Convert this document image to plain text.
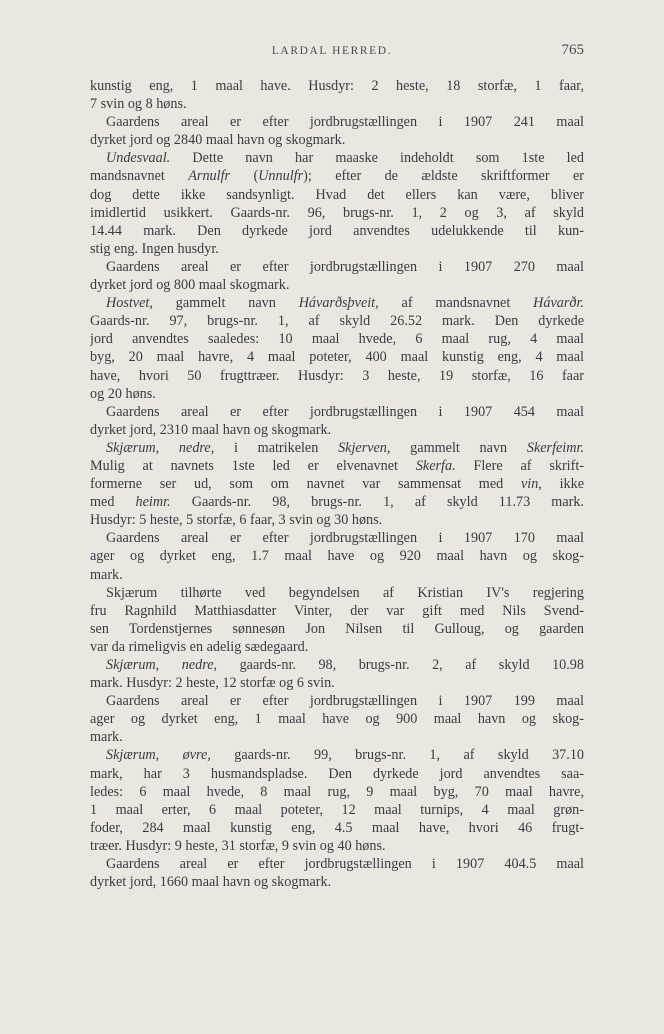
LARDAL HERRED.	765
kunstig eng, 1 maal have. Husdyr: 2 heste, 18 storfæ, 1 faar,
7 svin og 8 høns.
Gaardens areal er efter jordbrugstællingen i 1907 241 maal
dyrket jord og 2840 maal havn og skogmark.
Undesvaal. Dette navn har maaske indeholdt som 1ste led
mandsnavnet Arnulfr (Unnulfr); efter de ældste skriftformer er
dog dette ikke sandsynligt. Hvad det ellers kan være, bliver
imidlertid usikkert. Gaards-nr. 96, brugs-nr. 1, 2 og 3, af skyld
14.44 mark. Den dyrkede jord anvendtes udelukkende til kun-
stig eng. Ingen husdyr.
Gaardens areal er efter jordbrugstællingen i 1907 270 maal
dyrket jord og 800 maal skogmark.
Hostvet, gammelt navn Hávarðsþveit, af mandsnavnet Hávarðr.
Gaards-nr. 97, brugs-nr. 1, af skyld 26.52 mark. Den dyrkede
jord anvendtes saaledes: 10 maal hvede, 6 maal rug, 4 maal
byg, 20 maal havre, 4 maal poteter, 400 maal kunstig eng, 4 maal
have, hvori 50 frugttræer. Husdyr: 3 heste, 19 storfæ, 16 faar
og 20 høns.
Gaardens areal er efter jordbrugstællingen i 1907 454 maal
dyrket jord, 2310 maal havn og skogmark.
Skjærum, nedre, i matrikelen Skjerven, gammelt navn Skerfeimr.
Mulig at navnets 1ste led er elvenavnet Skerfa. Flere af skrift-
formerne ser ud, som om navnet var sammensat med vin, ikke
med heimr. Gaards-nr. 98, brugs-nr. 1, af skyld 11.73 mark.
Husdyr: 5 heste, 5 storfæ, 6 faar, 3 svin og 30 høns.
Gaardens areal er efter jordbrugstællingen i 1907 170 maal
ager og dyrket eng, 1.7 maal have og 920 maal havn og skog-
mark.
Skjærum tilhørte ved begyndelsen af Kristian IV's regjering
fru Ragnhild Matthiasdatter Vinter, der var gift med Nils Svend-
sen Tordenstjernes sønnesøn Jon Nilsen til Gulloug, og gaarden
var da rimeligvis en adelig sædegaard.
Skjærum, nedre, gaards-nr. 98, brugs-nr. 2, af skyld 10.98
mark. Husdyr: 2 heste, 12 storfæ og 6 svin.
Gaardens areal er efter jordbrugstællingen i 1907 199 maal
ager og dyrket eng, 1 maal have og 900 maal havn og skog-
mark.
Skjærum, øvre, gaards-nr. 99, brugs-nr. 1, af skyld 37.10
mark, har 3 husmandspladse. Den dyrkede jord anvendtes saa-
ledes: 6 maal hvede, 8 maal rug, 9 maal byg, 70 maal havre,
1 maal erter, 6 maal poteter, 12 maal turnips, 4 maal grøn-
foder, 284 maal kunstig eng, 4.5 maal have, hvori 46 frugt-
træer. Husdyr: 9 heste, 31 storfæ, 9 svin og 40 høns.
Gaardens areal er efter jordbrugstællingen i 1907 404.5 maal
dyrket jord, 1660 maal havn og skogmark.
